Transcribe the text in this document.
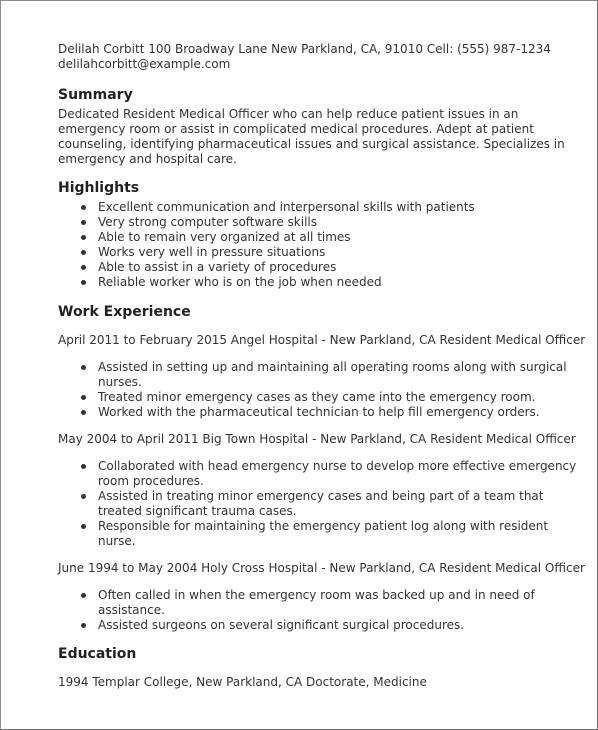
Delilah Corbitt 100 Broadway Lane New Parkland, CA, 91010 Cell: (555) 987-1234
delilahcorbitt@example.com

Summary

Dedicated Resident Medical Officer who can help reduce patient issues in an emergency room or assist in complicated medical procedures. Adept at patient counseling, identifying pharmaceutical issues and surgical assistance. Specializes in emergency and hospital care.

Highlights
Excellent communication and interpersonal skills with patients
Very strong computer software skills
Able to remain very organized at all times
Works very well in pressure situations
Able to assist in a variety of procedures
Reliable worker who is on the job when needed
Work Experience

April 2011 to February 2015 Angel Hospital - New Parkland, CA Resident Medical Officer

Assisted in setting up and maintaining all operating rooms along with surgical nurses.
Treated minor emergency cases as they came into the emergency room.
Worked with the pharmaceutical technician to help fill emergency orders.

May 2004 to April 2011 Big Town Hospital - New Parkland, CA Resident Medical Officer

Collaborated with head emergency nurse to develop more effective emergency room procedures.
Assisted in treating minor emergency cases and being part of a team that treated significant trauma cases.
Responsible for maintaining the emergency patient log along with resident nurse.

June 1994 to May 2004 Holy Cross Hospital - New Parkland, CA Resident Medical Officer

Often called in when the emergency room was backed up and in need of assistance.
Assisted surgeons on several significant surgical procedures.
Education

1994 Templar College, New Parkland, CA Doctorate, Medicine
